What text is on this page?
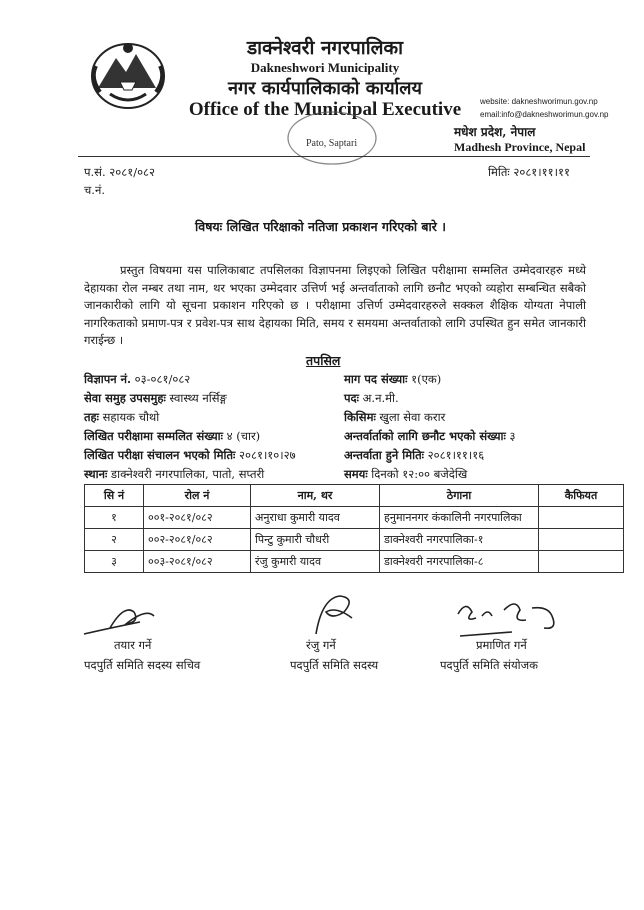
डाक्नेश्वरी नगरपालिका
Dakneshwori Municipality
नगर कार्यपालिकाको कार्यालय
Office of the Municipal Executive	website: dakneshworimun.gov.np
email:info@dakneshworimun.gov.np
मधेश प्रदेश, नेपाल
Madhesh Province, Nepal
Pato, Saptari
प.सं. २०८१/०८२
च.नं.
मितिः २०८१।११।११
विषयः लिखित परिक्षाको नतिजा प्रकाशन गरिएको बारे ।
प्रस्तुत विषयमा यस पालिकाबाट तपसिलका विज्ञापनमा लिइएको लिखित परीक्षामा सम्मलित उम्मेदवारहरु मध्ये देहायका रोल नम्बर तथा नाम, थर भएका उम्मेदवार उत्तिर्ण भई अन्तर्वाताको लागि छनौट भएको व्यहोरा सम्बन्धित सबैको जानकारीको लागि यो सूचना प्रकाशन गरिएको छ । परीक्षामा उत्तिर्ण उम्मेदवारहरुले सक्कल शैक्षिक योग्यता नेपाली नागरिकताको प्रमाण-पत्र र प्रवेश-पत्र साथ देहायका मिति, समय र समयमा अन्तर्वाताको लागि उपस्थित हुन समेत जानकारी गराईन्छ ।
तपसिल
विज्ञापन नं. ०३-०८१/०८२
सेवा समुह उपसमुहः स्वास्थ्य नर्सिङ्ग
तहः सहायक चौथो
लिखित परीक्षामा सम्मलित संख्याः ४ (चार)
लिखित परीक्षा संचालन भएको मितिः २०८१।१०।२७
स्थानः डाक्नेश्वरी नगरपालिका, पातो, सप्तरी
माग पद संख्याः १(एक)
पदः अ.न.मी.
किसिमः खुला सेवा करार
अन्तर्वार्ताको लागि छनौट भएको संख्याः ३
अन्तर्वाता हुने मितिः २०८१।११।१६
समयः दिनको १२:०० बजेदेखि
सि नं	रोल नं	नाम, थर	ठेगाना	कैफियत
१	००१-२०८१/०८२	अनुराधा कुमारी यादव	हनुमाननगर कंकालिनी नगरपालिका	
२	००२-२०८१/०८२	पिन्टु कुमारी चौधरी	डाक्नेश्वरी नगरपालिका-१	
३	००३-२०८१/०८२	रंजु कुमारी यादव	डाक्नेश्वरी नगरपालिका-८	
तयार गर्ने
पदपुर्ति समिति सदस्य सचिव
रंजु गर्ने
पदपुर्ति समिति सदस्य
प्रमाणित गर्ने
पदपुर्ति समिति संयोजक
